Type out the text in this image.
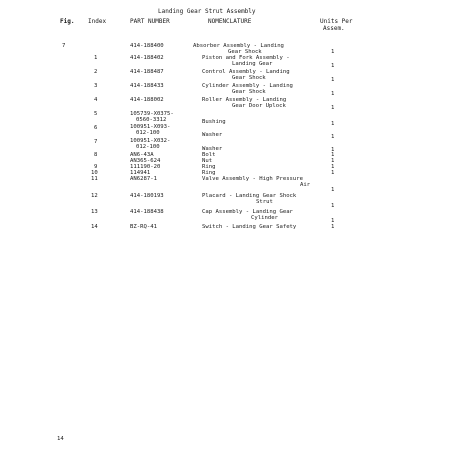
Landing Gear Strut Assembly
Fig. Index	PART NUMBER	NOMENCLATURE	Units Per
Assem.
7	414-188400	Absorber Assembly - Landing
Gear Shock	1
1	414-188402	Piston and Fork Assembly -
Landing Gear	1
2	414-188487	Control Assembly - Landing
Gear Shock	1
3	414-188433	Cylinder Assembly - Landing
Gear Shock	1
4	414-188002	Roller Assembly - Landing
Gear Door Uplock	1
5	105739-X0375-
0560-3312	Bushing	1
6	100951-X093-
012-100	Washer	1
7	100951-X032-
012-100	Washer	1
8	AN6-43A	Bolt	1
AN365-624	Nut	1
9	111190-20	Ring	1
10	114941	Ring	1
11	AN6287-1	Valve Assembly - High Pressure
Air
1
12	414-180193	Placard - Landing Gear Shock
Strut
1
13	414-188438	Cap Assembly - Landing Gear
Cylinder	1
14	BZ-RQ-41	Switch - Landing Gear Safety	1
14
